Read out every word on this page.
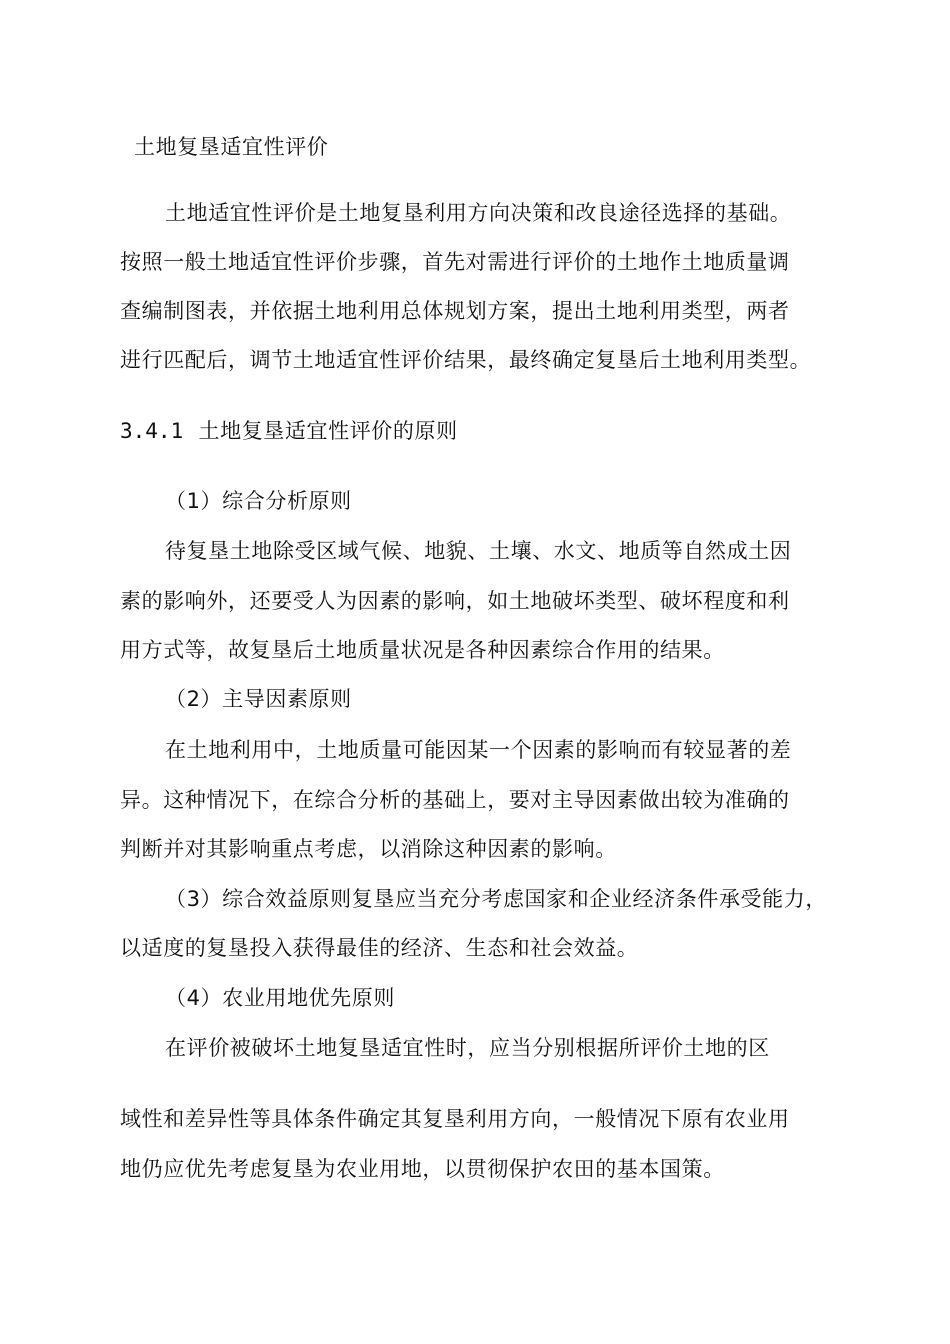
土地复垦适宜性评价
土地适宜性评价是土地复垦利用方向决策和改良途径选择的基础。
按照一般土地适宜性评价步骤，首先对需进行评价的土地作土地质量调
查编制图表，并依据土地利用总体规划方案，提出土地利用类型，两者
进行匹配后，调节土地适宜性评价结果，最终确定复垦后土地利用类型。
3.4.1 土地复垦适宜性评价的原则
（1）综合分析原则
待复垦土地除受区域气候、地貌、土壤、水文、地质等自然成土因
素的影响外，还要受人为因素的影响，如土地破坏类型、破坏程度和利
用方式等，故复垦后土地质量状况是各种因素综合作用的结果。
（2）主导因素原则
在土地利用中，土地质量可能因某一个因素的影响而有较显著的差
异。这种情况下，在综合分析的基础上，要对主导因素做出较为准确的
判断并对其影响重点考虑，以消除这种因素的影响。
（3）综合效益原则复垦应当充分考虑国家和企业经济条件承受能力，
以适度的复垦投入获得最佳的经济、生态和社会效益。
（4）农业用地优先原则
在评价被破坏土地复垦适宜性时，应当分别根据所评价土地的区
域性和差异性等具体条件确定其复垦利用方向，一般情况下原有农业用
地仍应优先考虑复垦为农业用地，以贯彻保护农田的基本国策。
